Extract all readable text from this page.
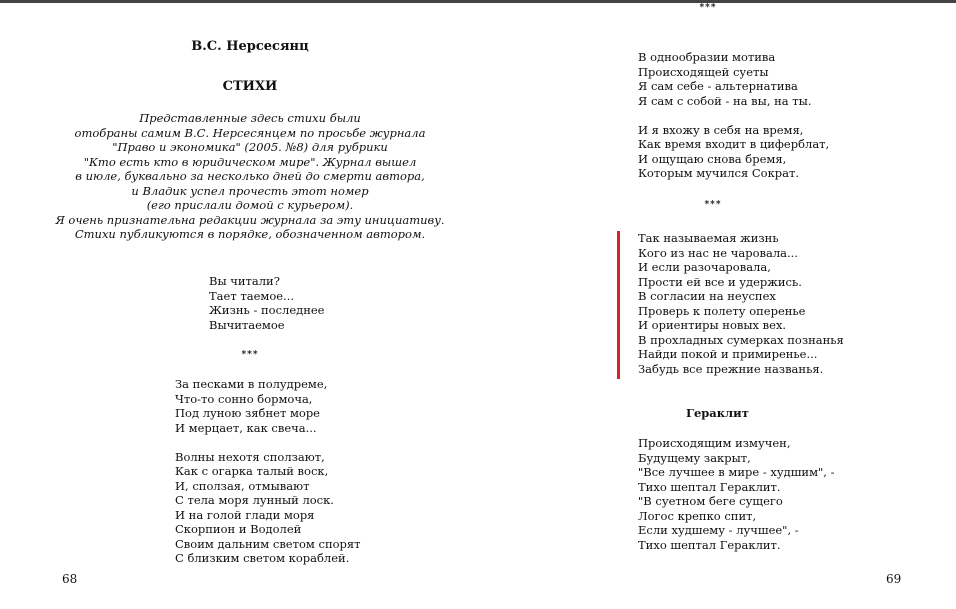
В.С. Нерсесянц
СТИХИ
Представленные здесь стихи были
отобраны самим В.С. Нерсесянцем по просьбе журнала
"Право и экономика" (2005. №8) для рубрики
"Кто есть кто в юридическом мире". Журнал вышел
в июле, буквально за несколько дней до смерти автора,
и Владик успел прочесть этот номер
(его прислали домой с курьером).
Я очень признательна редакции журнала за эту инициативу.
Стихи публикуются в порядке, обозначенном автором.
Вы читали?
Тает таемое...
Жизнь - последнее
Вычитаемое
***
За песками в полудреме,
Что-то сонно бормоча,
Под луною зябнет море
И мерцает, как свеча...
Волны нехотя сползают,
Как с огарка талый воск,
И, сползая, отмывают
С тела моря лунный лоск.
И на голой глади моря
Скорпион и Водолей
Своим дальним светом спорят
С близким светом кораблей.
68
***
В однообразии мотива
Происходящей суеты
Я сам себе - альтернатива
Я сам с собой - на вы, на ты.
И я вхожу в себя на время,
Как время входит в циферблат,
И ощущаю снова бремя,
Которым мучился Сократ.
***
Так называемая жизнь
Кого из нас не чаровала...
И если разочаровала,
Прости ей все и удержись.
В согласии на неуспех
Проверь к полету оперенье
И ориентиры новых вех.
В прохладных сумерках познанья
Найди покой и примиренье...
Забудь все прежние названья.
Гераклит
Происходящим измучен,
Будущему закрыт,
"Все лучшее в мире - худшим", -
Тихо шептал Гераклит.
"В суетном беге сущего
Логос крепко спит,
Если худшему - лучшее", -
Тихо шептал Гераклит.
69
